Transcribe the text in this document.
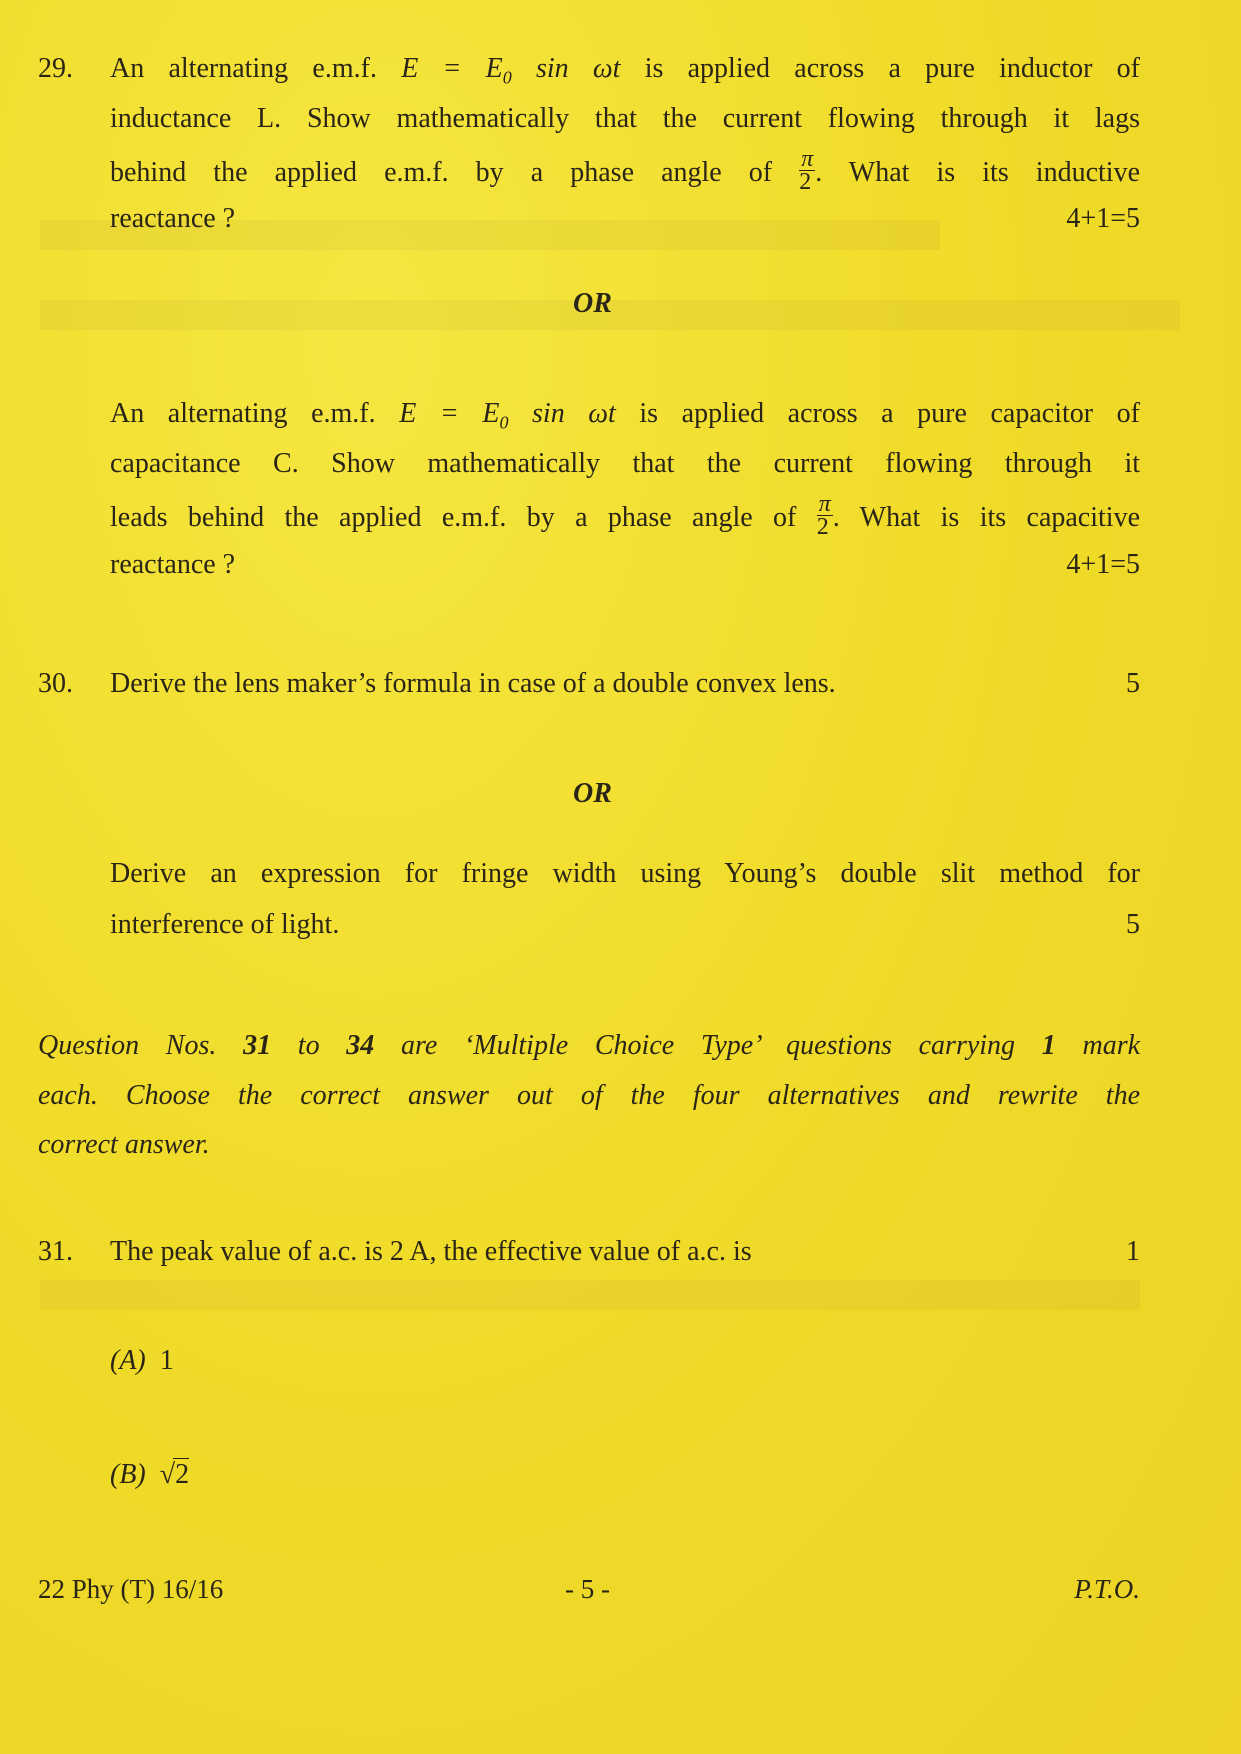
29. An alternating e.m.f. $E = E_0$ sin ωt is applied across a pure inductor of
inductance L. Show mathematically that the current flowing through it lags
behind the applied e.m.f. by a phase angle of $\frac{\pi}{2}$ . What is its inductive
reactance ?	4+1=5
OR
An alternating e.m.f. $E = E_0$ sin ωt is applied across a pure capacitor of
capacitance C. Show mathematically that the current flowing through it
leads behind the applied e.m.f. by a phase angle of $\frac{\pi}{2}$ . What is its capacitive
reactance ?	4+1=5
30. Derive the lens maker’s formula in case of a double convex lens.	5
OR
Derive an expression for fringe width using Young’s double slit method for
interference of light.	5
Question Nos. 31 to 34 are ‘Multiple Choice Type’ questions carrying 1 mark
each. Choose the correct answer out of the four alternatives and rewrite the
correct answer.
31. The peak value of a.c. is 2 A, the effective value of a.c. is	1
(A) 1
(B) √2
22 Phy (T) 16/16	- 5 -	P.T.O.
